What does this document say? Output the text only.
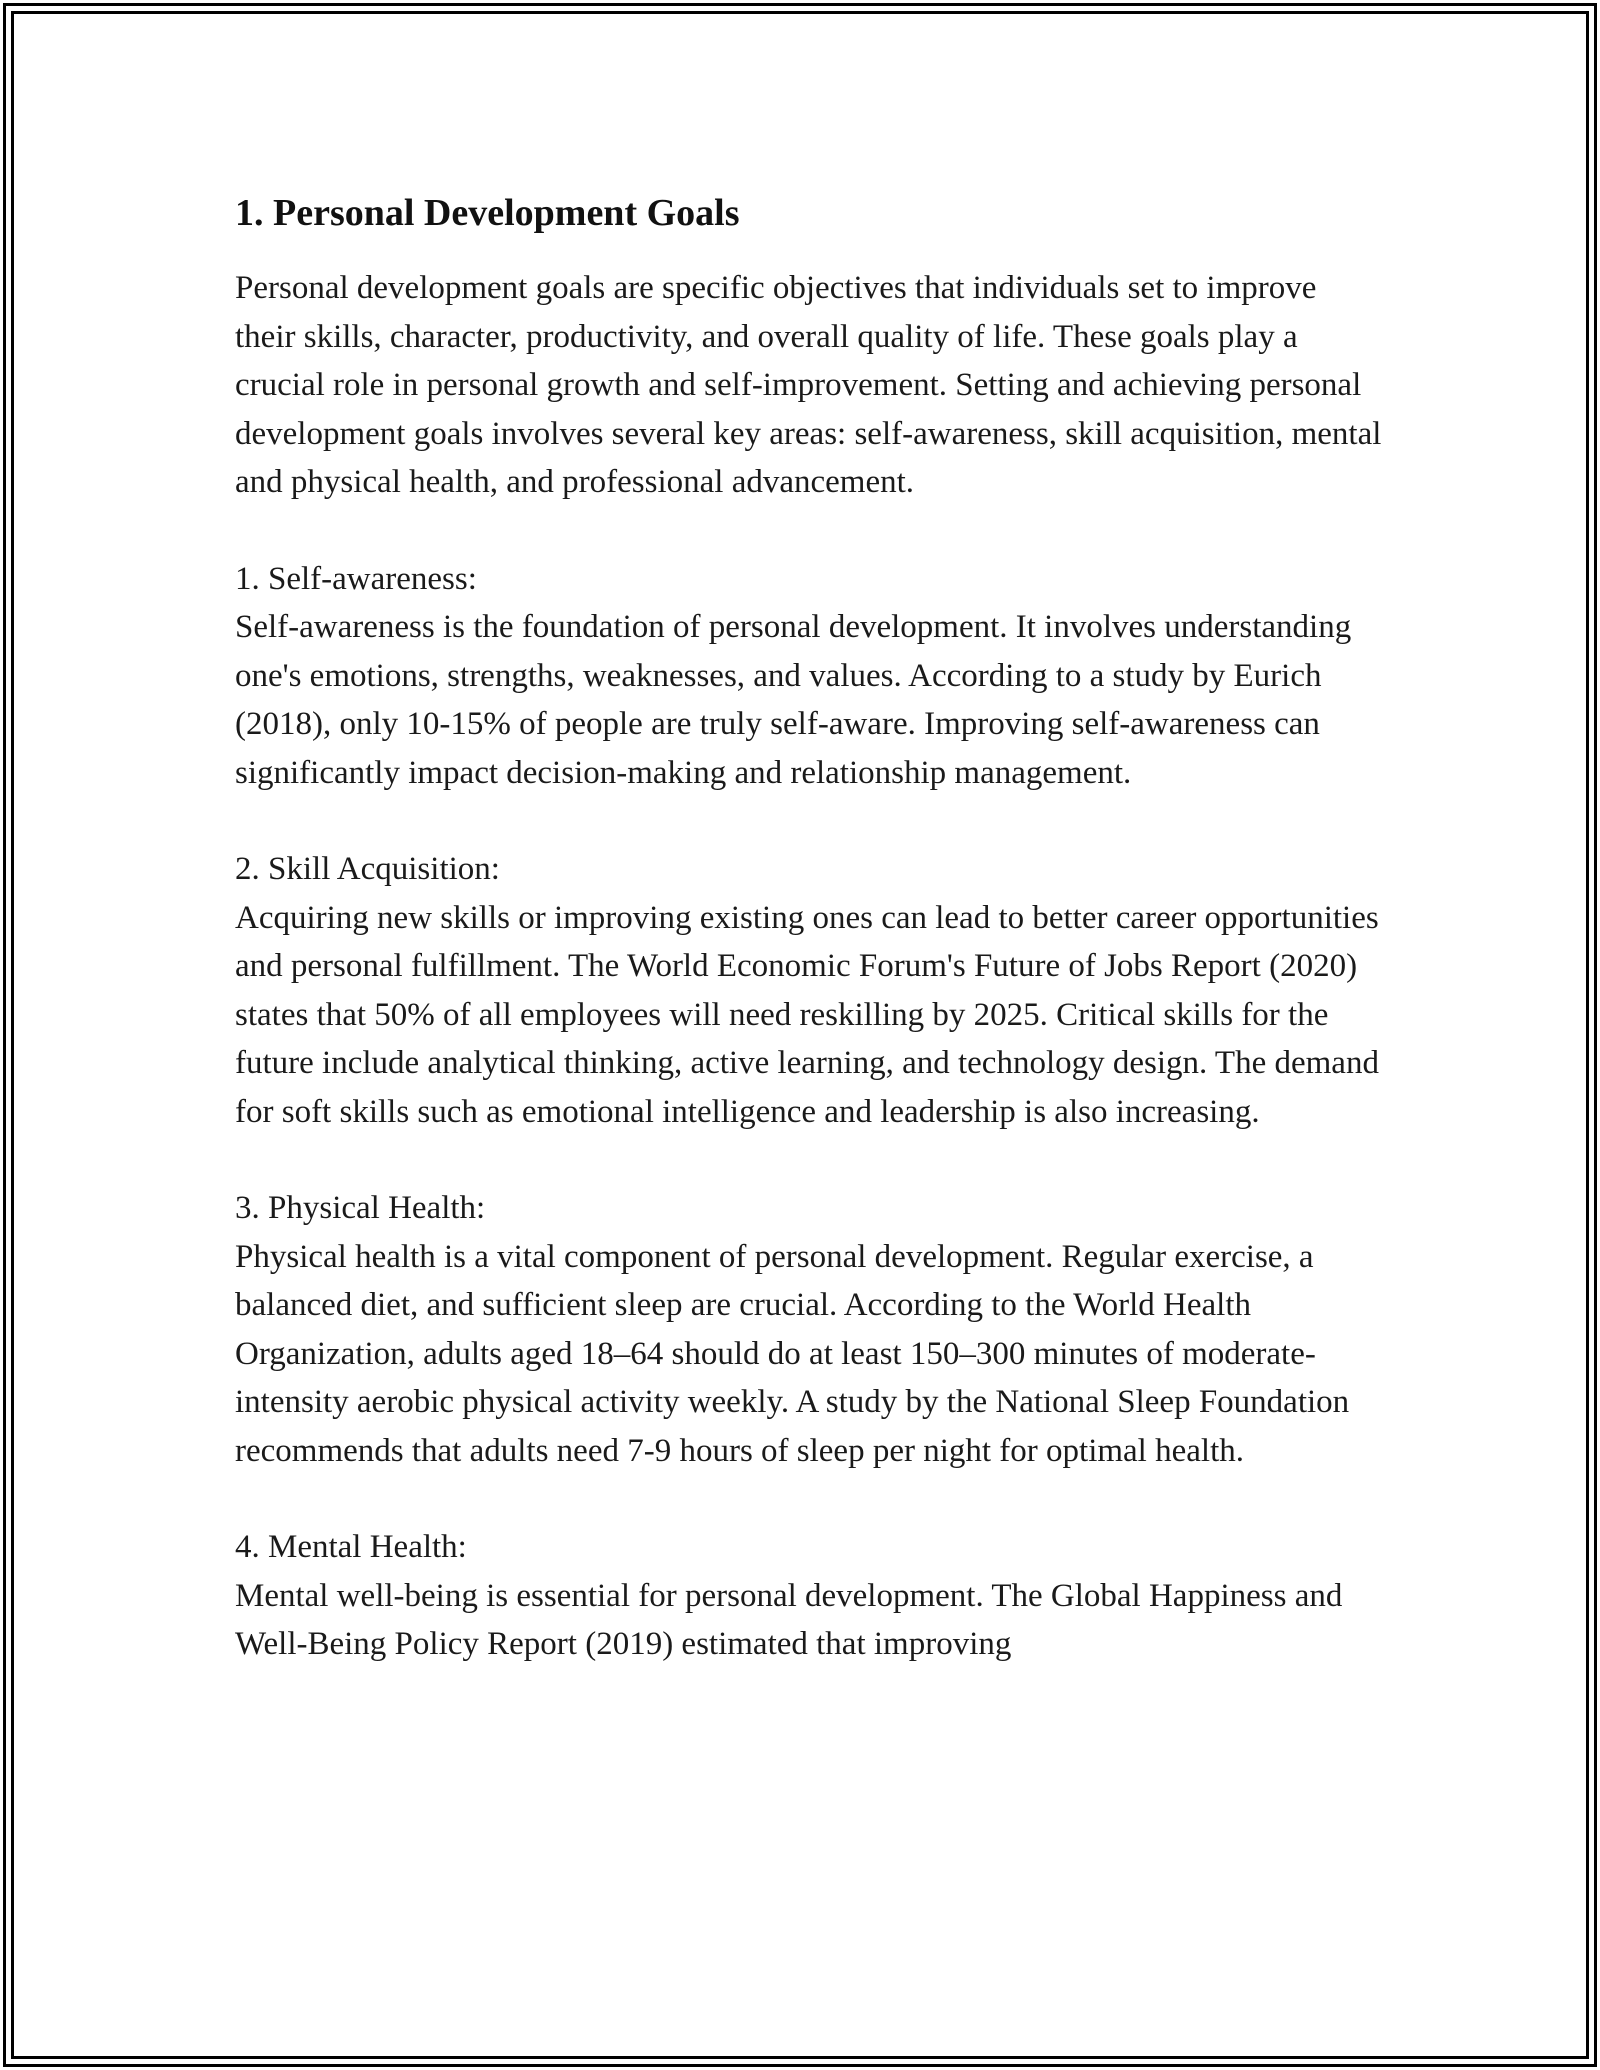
1. Personal Development Goals

Personal development goals are specific objectives that individuals set to improve their skills, character, productivity, and overall quality of life. These goals play a crucial role in personal growth and self-improvement. Setting and achieving personal development goals involves several key areas: self-awareness, skill acquisition, mental and physical health, and professional advancement.

1. Self-awareness:

Self-awareness is the foundation of personal development. It involves understanding one's emotions, strengths, weaknesses, and values. According to a study by Eurich (2018), only 10-15% of people are truly self-aware. Improving self-awareness can significantly impact decision-making and relationship management.

2. Skill Acquisition:

Acquiring new skills or improving existing ones can lead to better career opportunities and personal fulfillment. The World Economic Forum's Future of Jobs Report (2020) states that 50% of all employees will need reskilling by 2025. Critical skills for the future include analytical thinking, active learning, and technology design. The demand for soft skills such as emotional intelligence and leadership is also increasing.

3. Physical Health:

Physical health is a vital component of personal development. Regular exercise, a balanced diet, and sufficient sleep are crucial. According to the World Health Organization, adults aged 18–64 should do at least 150–300 minutes of moderate-intensity aerobic physical activity weekly. A study by the National Sleep Foundation recommends that adults need 7-9 hours of sleep per night for optimal health.

4. Mental Health:

Mental well-being is essential for personal development. The Global Happiness and Well-Being Policy Report (2019) estimated that improving
